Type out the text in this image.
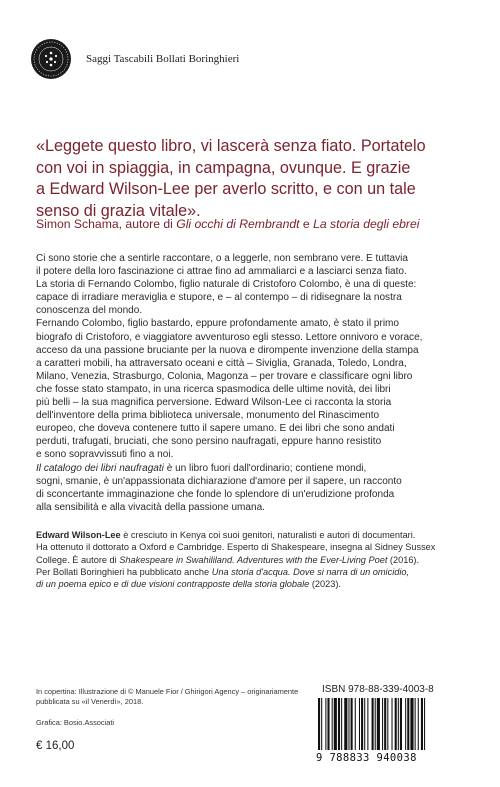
Saggi Tascabili Bollati Boringhieri

«Leggete questo libro, vi lascerà senza fiato. Portatelo

con voi in spiaggia, in campagna, ovunque. E grazie

a Edward Wilson-Lee per averlo scritto, e con un tale

senso di grazia vitale».

Simon Schama, autore di Gli occhi di Rembrandt e La storia degli ebrei
Ci sono storie che a sentirle raccontare, o a leggerle, non sembrano vere. E tuttavia
il potere della loro fascinazione ci attrae fino ad ammaliarci e a lasciarci senza fiato.
La storia di Fernando Colombo, figlio naturale di Cristoforo Colombo, è una di queste:
capace di irradiare meraviglia e stupore, e – al contempo – di ridisegnare la nostra
conoscenza del mondo.
Fernando Colombo, figlio bastardo, eppure profondamente amato, è stato il primo
biografo di Cristoforo, e viaggiatore avventuroso egli stesso. Lettore onnivoro e vorace,
acceso da una passione bruciante per la nuova e dirompente invenzione della stampa
a caratteri mobili, ha attraversato oceani e città – Siviglia, Granada, Toledo, Londra,
Milano, Venezia, Strasburgo, Colonia, Magonza – per trovare e classificare ogni libro
che fosse stato stampato, in una ricerca spasmodica delle ultime novità, dei libri
più belli – la sua magnifica perversione. Edward Wilson-Lee ci racconta la storia
dell'inventore della prima biblioteca universale, monumento del Rinascimento
europeo, che doveva contenere tutto il sapere umano. E dei libri che sono andati
perduti, trafugati, bruciati, che sono persino naufragati, eppure hanno resistito
e sono sopravvissuti fino a noi.
Il catalogo dei libri naufragati è un libro fuori dall'ordinario; contiene mondi,
sogni, smanie, è un'appassionata dichiarazione d'amore per il sapere, un racconto
di sconcertante immaginazione che fonde lo splendore di un'erudizione profonda
alla sensibilità e alla vivacità della passione umana.
Edward Wilson-Lee è cresciuto in Kenya coi suoi genitori, naturalisti e autori di documentari.
Ha ottenuto il dottorato a Oxford e Cambridge. Esperto di Shakespeare, insegna al Sidney Sussex
College. È autore di Shakespeare in Swahililand. Adventures with the Ever-Living Poet (2016).
Per Bollati Boringhieri ha pubblicato anche Una storia d'acqua. Dove si narra di un omicidio,
di un poema epico e di due visioni contrapposte della storia globale (2023).
In copertina: Illustrazione di © Manuele Fior / Ghirigori Agency – originariamente
pubblicata su «il Venerdì», 2018.
Grafica: Bosio.Associati
€ 16,00
ISBN 978-88-339-4003-8
9 788833 940038
